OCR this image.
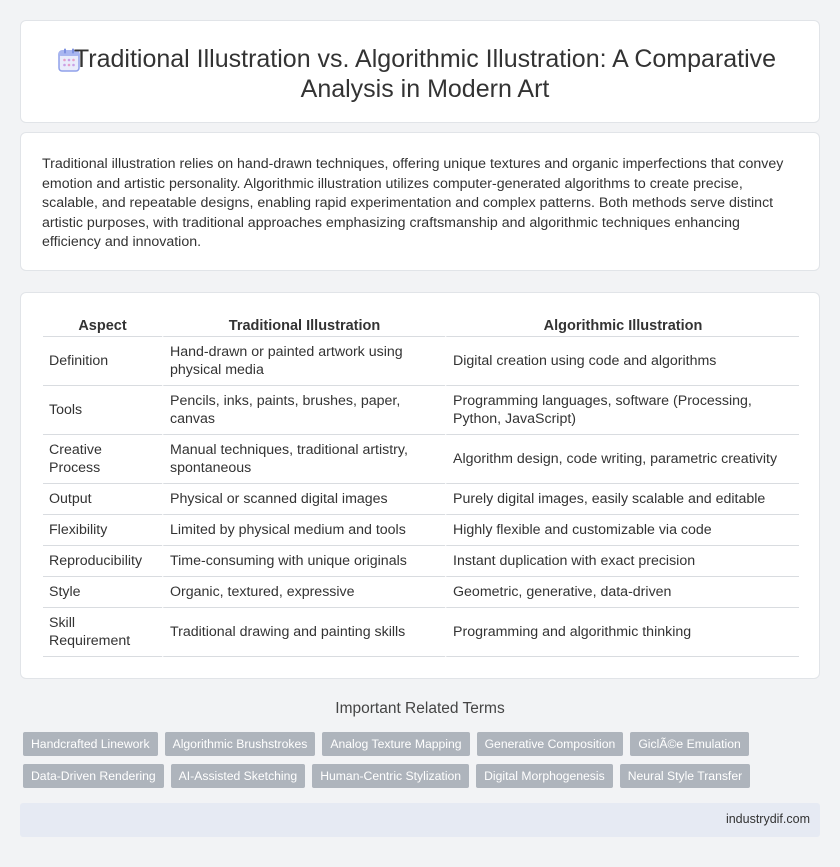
Traditional Illustration vs. Algorithmic Illustration: A Comparative Analysis in Modern Art
Traditional illustration relies on hand-drawn techniques, offering unique textures and organic imperfections that convey emotion and artistic personality. Algorithmic illustration utilizes computer-generated algorithms to create precise, scalable, and repeatable designs, enabling rapid experimentation and complex patterns. Both methods serve distinct artistic purposes, with traditional approaches emphasizing craftsmanship and algorithmic techniques enhancing efficiency and innovation.
Aspect	Traditional Illustration	Algorithmic Illustration
Definition	Hand-drawn or painted artwork using physical media	Digital creation using code and algorithms
Tools	Pencils, inks, paints, brushes, paper, canvas	Programming languages, software (Processing, Python, JavaScript)
Creative Process	Manual techniques, traditional artistry, spontaneous	Algorithm design, code writing, parametric creativity
Output	Physical or scanned digital images	Purely digital images, easily scalable and editable
Flexibility	Limited by physical medium and tools	Highly flexible and customizable via code
Reproducibility	Time-consuming with unique originals	Instant duplication with exact precision
Style	Organic, textured, expressive	Geometric, generative, data-driven
Skill Requirement	Traditional drawing and painting skills	Programming and algorithmic thinking
Important Related Terms
Handcrafted Linework	Algorithmic Brushstrokes	Analog Texture Mapping	Generative Composition	GiclÃ©e Emulation
Data-Driven Rendering	AI-Assisted Sketching	Human-Centric Stylization	Digital Morphogenesis	Neural Style Transfer
industrydif.com
